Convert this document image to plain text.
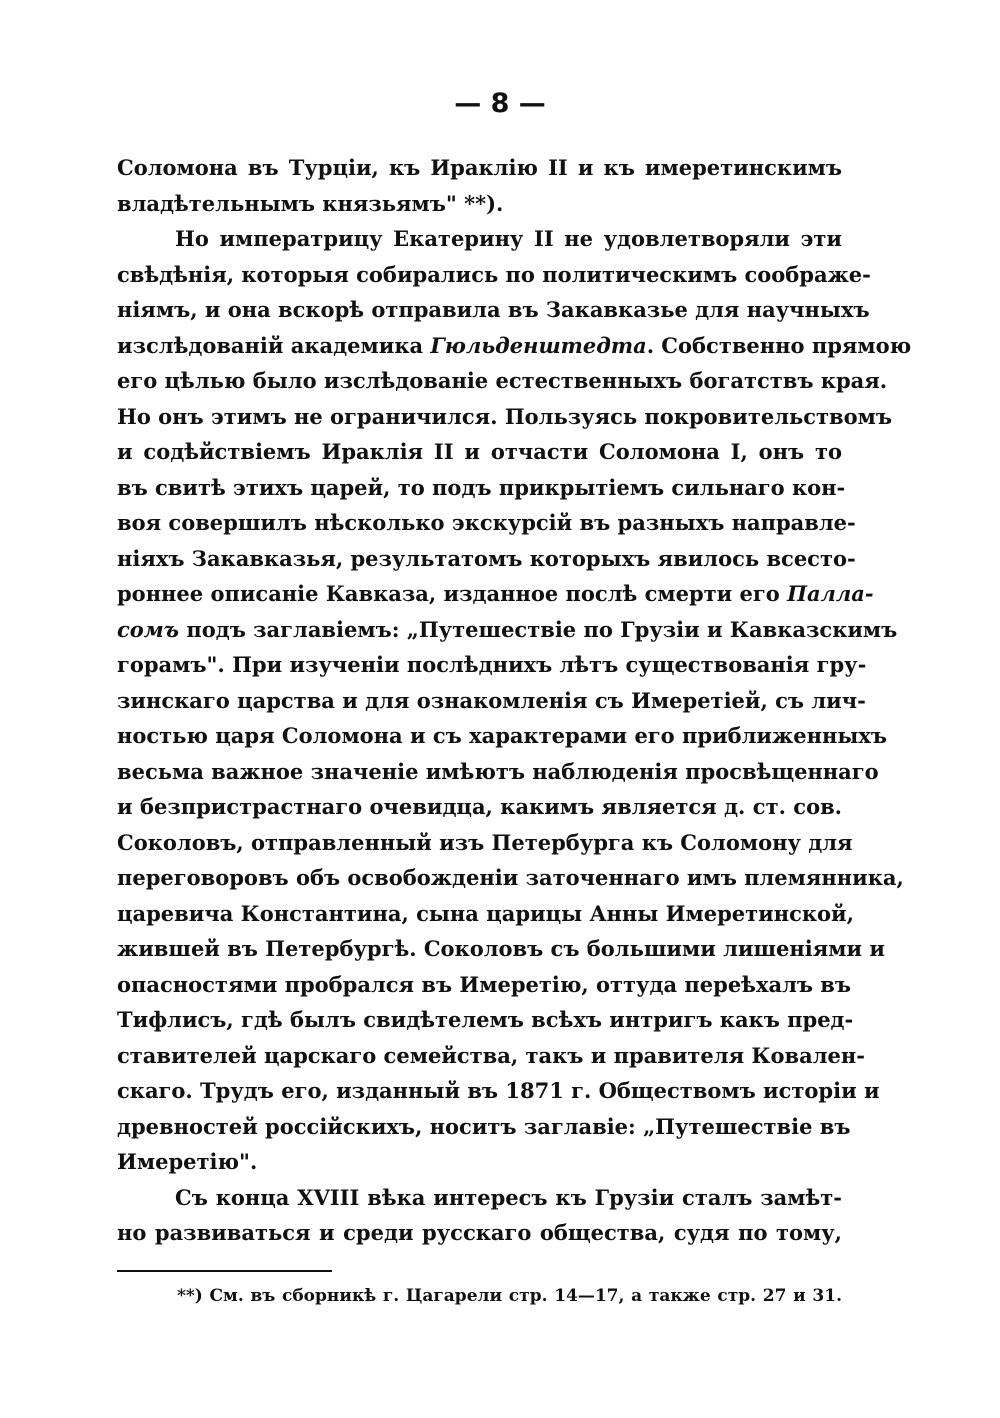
— 8 —
Соломона въ Турціи, къ Ираклію II и къ имеретинскимъ
владѣтельнымъ князьямъ" **).
Но императрицу Екатерину II не удовлетворяли эти
свѣдѣнія, которыя собирались по политическимъ соображе-
ніямъ, и она вскорѣ отправила въ Закавказье для научныхъ
изслѣдованій академика Гюльденштедта. Собственно прямою
его цѣлью было изслѣдованіе естественныхъ богатствъ края.
Но онъ этимъ не ограничился. Пользуясь покровительствомъ
и содѣйствіемъ Ираклія II и отчасти Соломона I, онъ то
въ свитѣ этихъ царей, то подъ прикрытіемъ сильнаго кон-
воя совершилъ нѣсколько экскурсій въ разныхъ направле-
ніяхъ Закавказья, результатомъ которыхъ явилось всесто-
роннее описаніе Кавказа, изданное послѣ смерти его Палла-
сомъ подъ заглавіемъ: „Путешествіе по Грузіи и Кавказскимъ
горамъ". При изученіи послѣднихъ лѣтъ существованія гру-
зинскаго царства и для ознакомленія съ Имеретіей, съ лич-
ностью царя Соломона и съ характерами его приближенныхъ
весьма важное значеніе имѣютъ наблюденія просвѣщеннаго
и безпристрастнаго очевидца, какимъ является д. ст. сов.
Соколовъ, отправленный изъ Петербурга къ Соломону для
переговоровъ объ освобожденіи заточеннаго имъ племянника,
царевича Константина, сына царицы Анны Имеретинской,
жившей въ Петербургѣ. Соколовъ съ большими лишеніями и
опасностями пробрался въ Имеретію, оттуда переѣхалъ въ
Тифлисъ, гдѣ былъ свидѣтелемъ всѣхъ интригъ какъ пред-
ставителей царскаго семейства, такъ и правителя Ковален-
скаго. Трудъ его, изданный въ 1871 г. Обществомъ исторіи и
древностей россійскихъ, носитъ заглавіе: „Путешествіе въ
Имеретію".
Съ конца XVIII вѣка интересъ къ Грузіи сталъ замѣт-
но развиваться и среди русскаго общества, судя по тому,
**) См. въ сборникѣ г. Цагарели стр. 14—17, а также стр. 27 и 31.
